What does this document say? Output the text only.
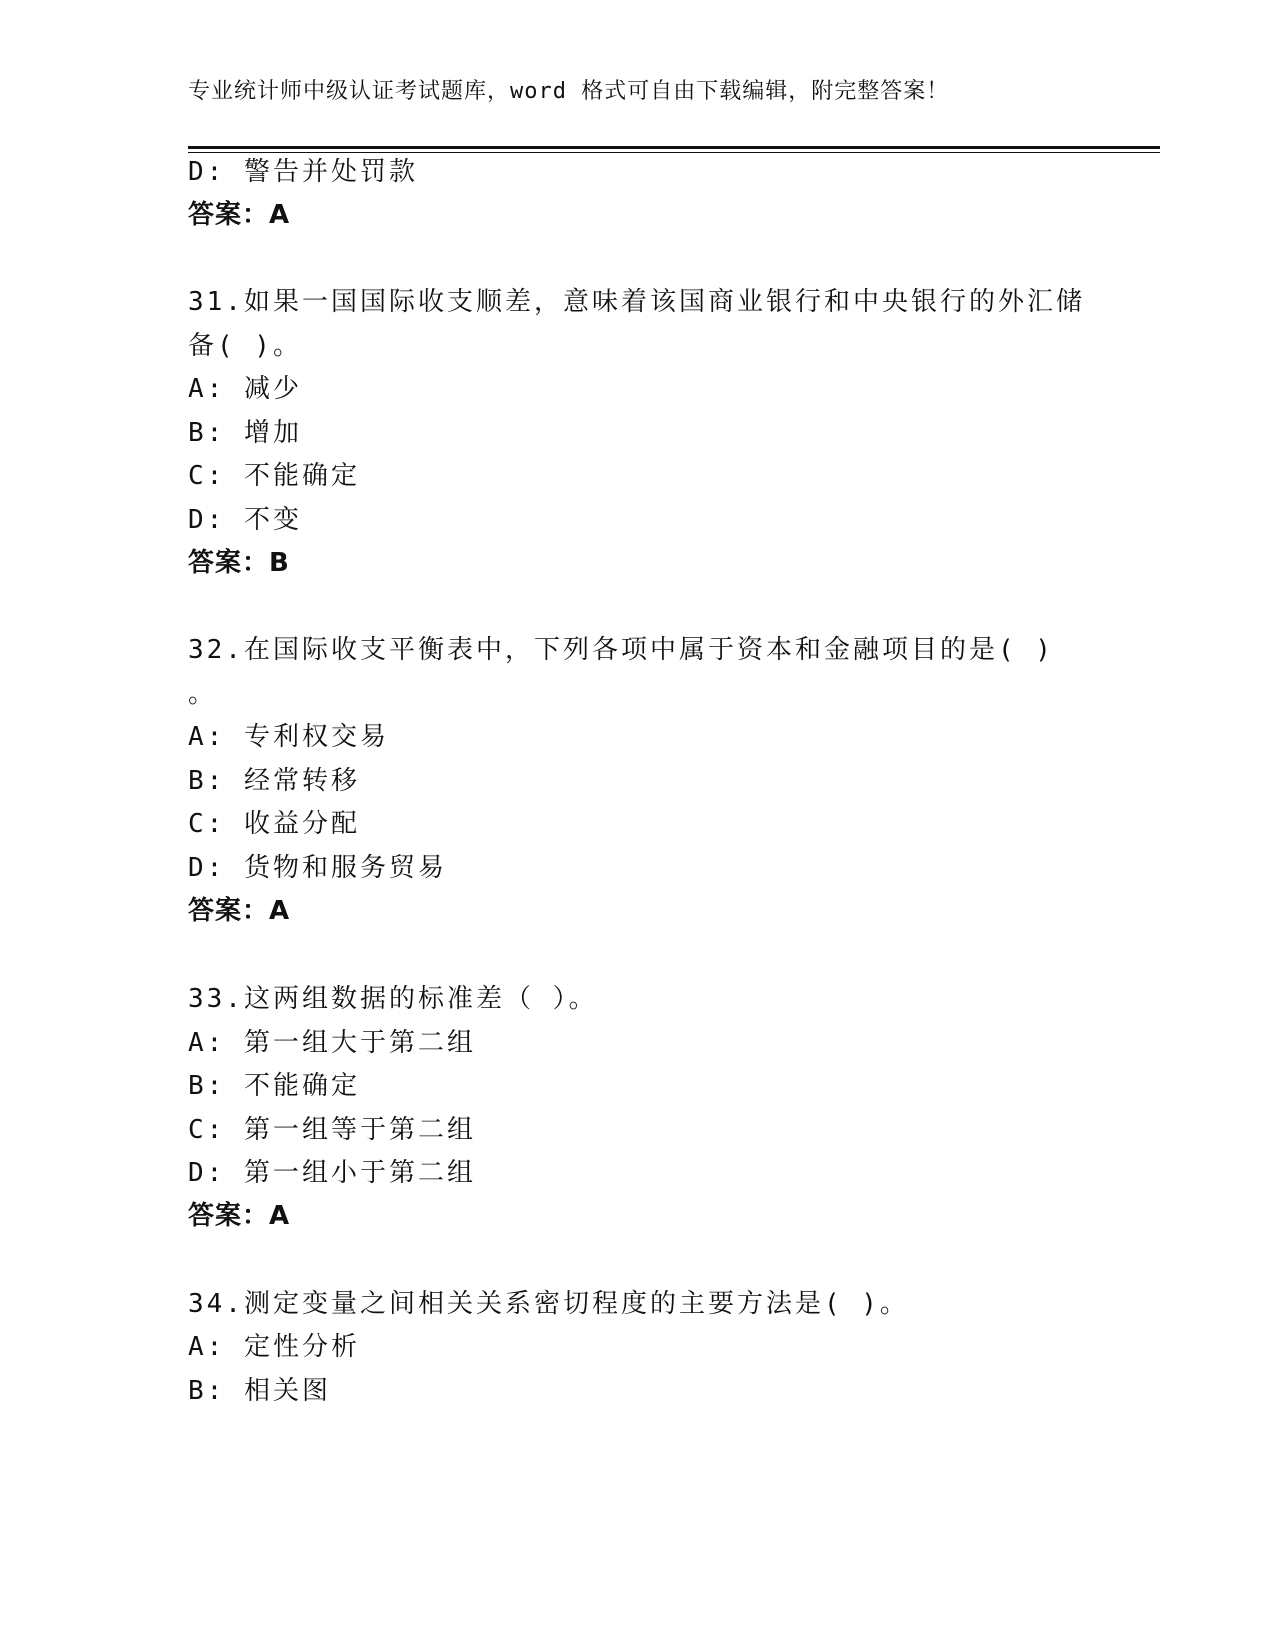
专业统计师中级认证考试题库，word 格式可自由下载编辑，附完整答案！
D: 警告并处罚款
答案：A
31.如果一国国际收支顺差，意味着该国商业银行和中央银行的外汇储
备( )。
A: 减少
B: 增加
C: 不能确定
D: 不变
答案：B
32.在国际收支平衡表中，下列各项中属于资本和金融项目的是( )
。
A: 专利权交易
B: 经常转移
C: 收益分配
D: 货物和服务贸易
答案：A
33.这两组数据的标准差（ ）。
A: 第一组大于第二组
B: 不能确定
C: 第一组等于第二组
D: 第一组小于第二组
答案：A
34.测定变量之间相关关系密切程度的主要方法是( )。
A: 定性分析
B: 相关图
